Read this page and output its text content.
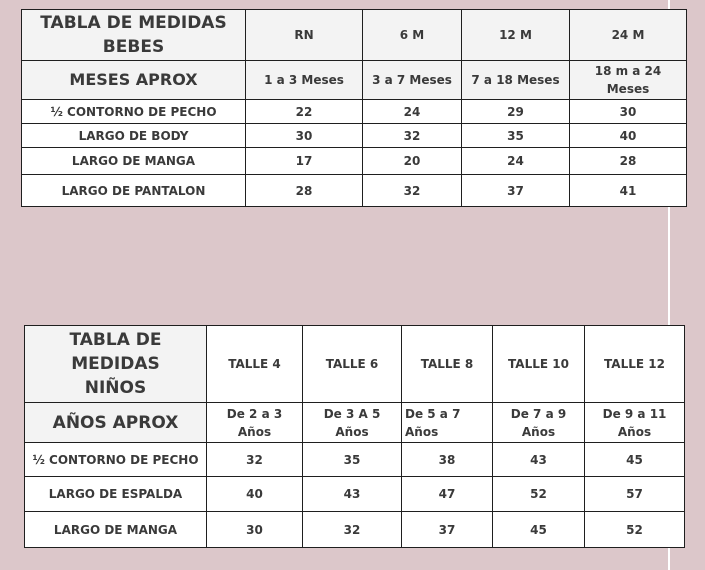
TABLA DE MEDIDAS BEBES	RN	6 M	12 M	24 M
MESES APROX	1 a 3 Meses	3 a 7 Meses	7 a 18 Meses	18 m a 24 Meses
½ CONTORNO DE PECHO	22	24	29	30
LARGO DE BODY	30	32	35	40
LARGO DE MANGA	17	20	24	28
LARGO DE PANTALON	28	32	37	41
TABLA DE MEDIDAS NIÑOS	TALLE 4	TALLE 6	TALLE 8	TALLE 10	TALLE 12
AÑOS APROX	De 2 a 3 Años	De 3 A 5 Años	De 5 a 7 Años	De 7 a 9 Años	De 9 a 11 Años
½ CONTORNO DE PECHO	32	35	38	43	45
LARGO DE ESPALDA	40	43	47	52	57
LARGO DE MANGA	30	32	37	45	52
